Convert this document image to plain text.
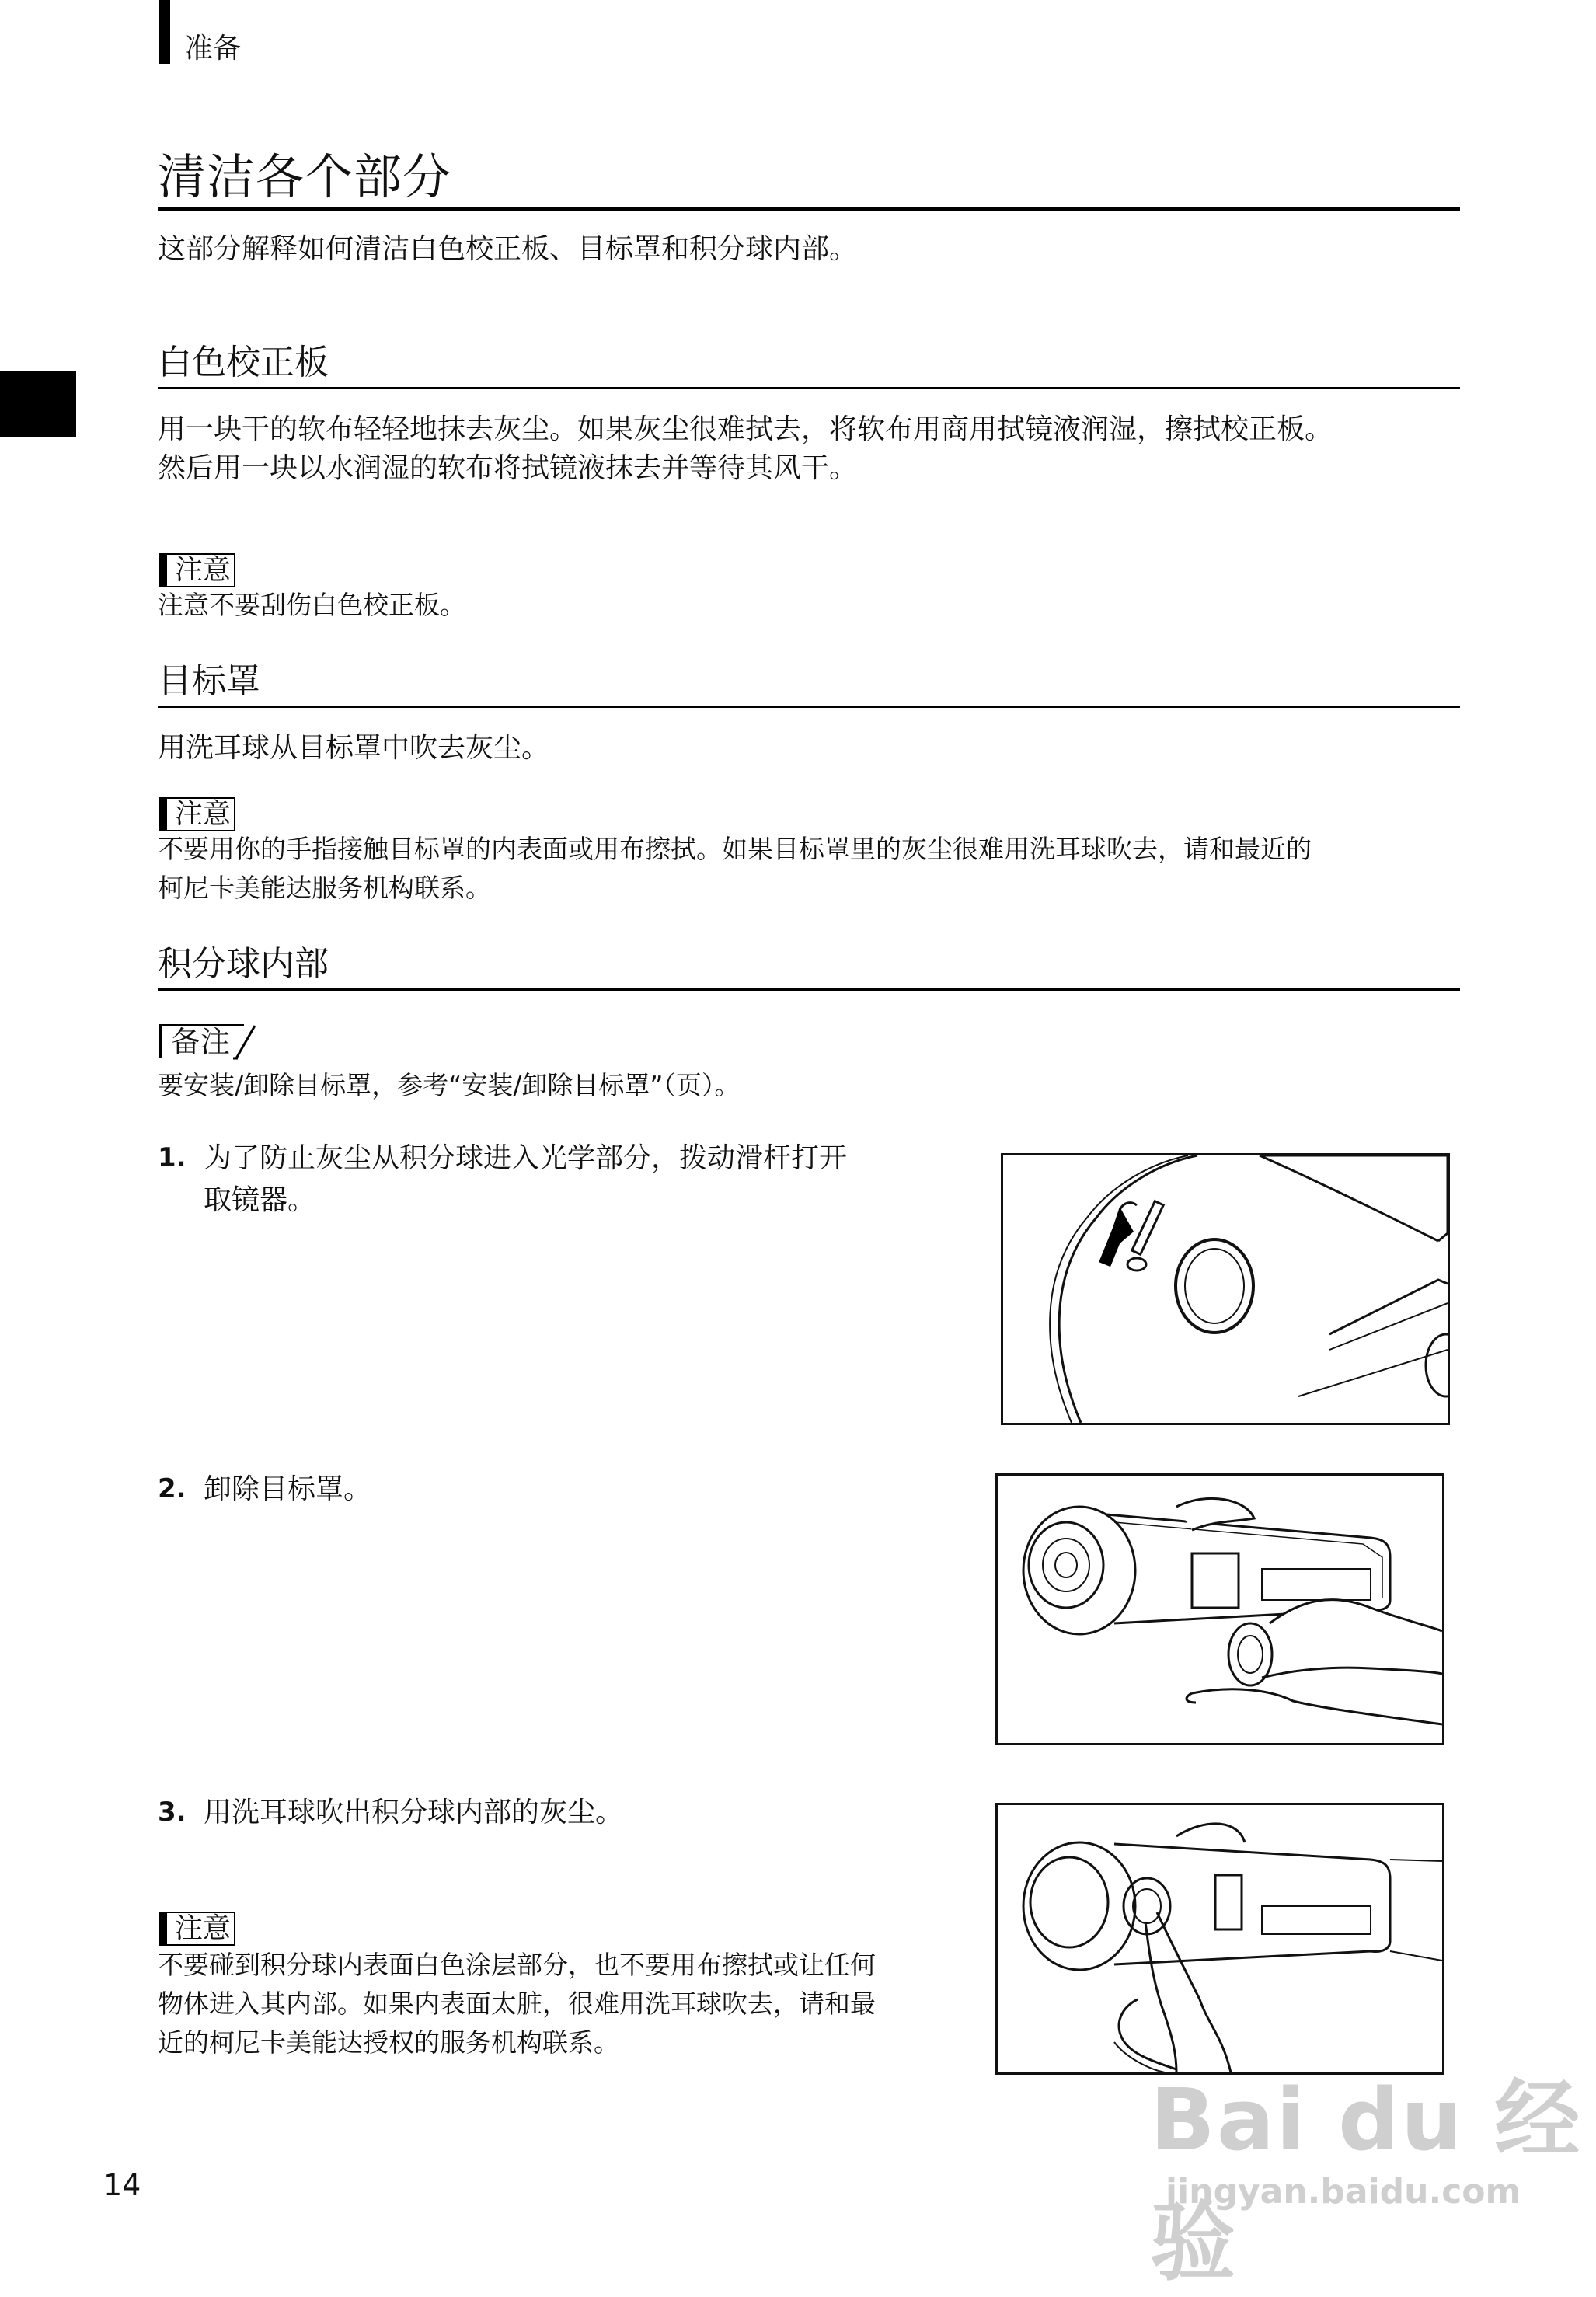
准备
清洁各个部分
这部分解释如何清洁白色校正板、目标罩和积分球内部。
白色校正板
用一块干的软布轻轻地抹去灰尘。如果灰尘很难拭去，将软布用商用拭镜液润湿，擦拭校正板。
然后用一块以水润湿的软布将拭镜液抹去并等待其风干。
注意
注意不要刮伤白色校正板。
目标罩
用洗耳球从目标罩中吹去灰尘。
注意
不要用你的手指接触目标罩的内表面或用布擦拭。如果目标罩里的灰尘很难用洗耳球吹去，请和最近的
柯尼卡美能达服务机构联系。
积分球内部
备注
要安装/卸除目标罩，参考“安装/卸除目标罩”（页）。
1. 为了防止灰尘从积分球进入光学部分，拨动滑杆打开
取镜器。
2. 卸除目标罩。
3. 用洗耳球吹出积分球内部的灰尘。
注意
不要碰到积分球内表面白色涂层部分，也不要用布擦拭或让任何
物体进入其内部。如果内表面太脏，很难用洗耳球吹去，请和最
近的柯尼卡美能达授权的服务机构联系。
14
Bai du 经验
jingyan.baidu.com
